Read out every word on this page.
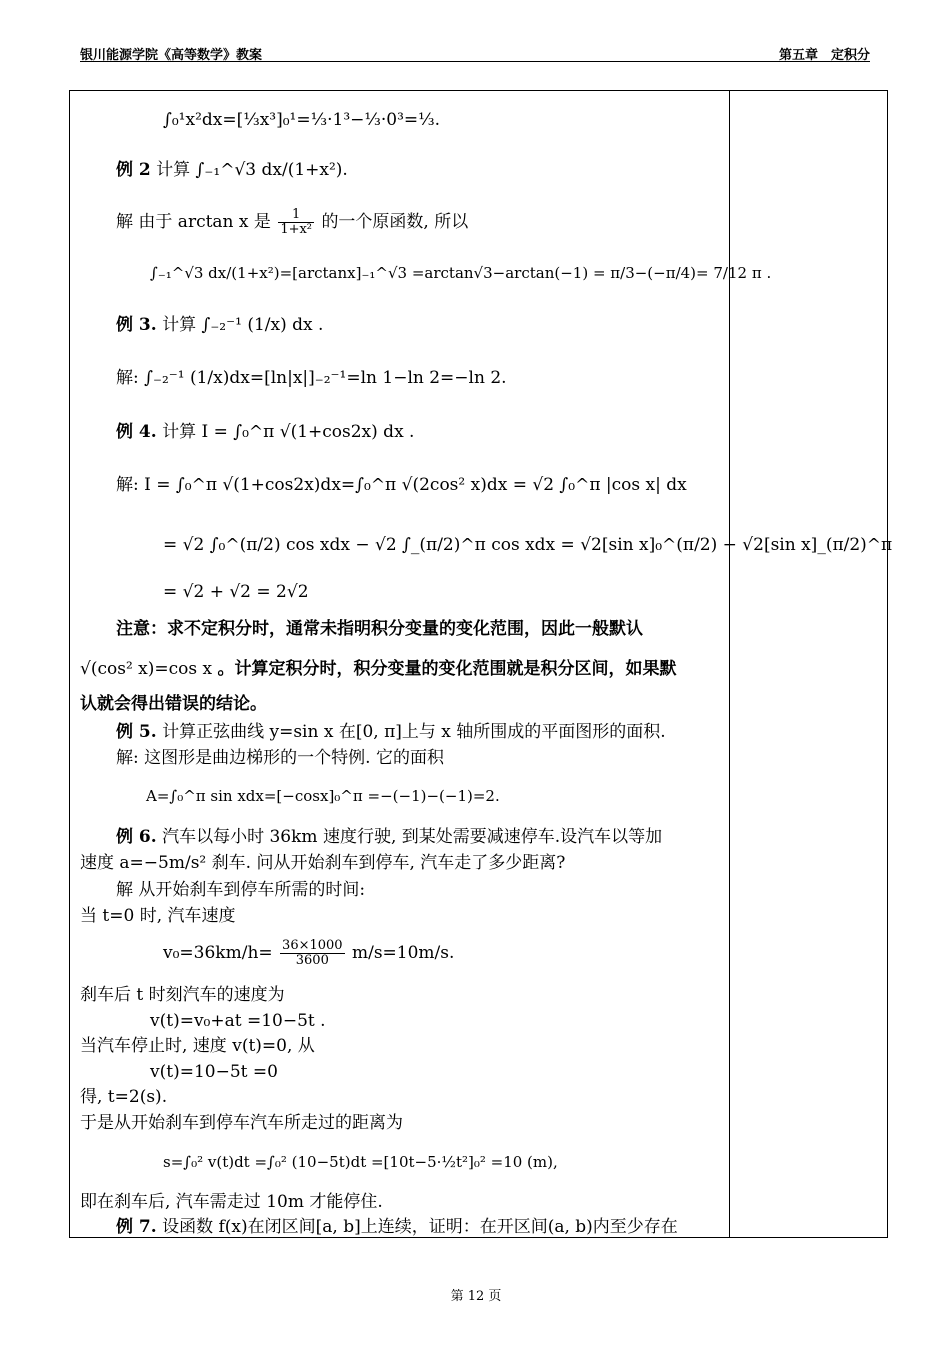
银川能源学院《高等数学》教案	第五章　定积分
∫₀¹x²dx=[⅓x³]₀¹=⅓·1³−⅓·0³=⅓.
例 2 计算 ∫₋₁^√3 dx/(1+x²).
解 由于 arctan x 是 $\frac{1}{\text{1+x²}}$ 的一个原函数, 所以
∫₋₁^√3 dx/(1+x²)=[arctanx]₋₁^√3 =arctan√3−arctan(−1) = π/3−(−π/4)= 7/12 π .
例 3. 计算 ∫₋₂⁻¹ (1/x) dx .
解: ∫₋₂⁻¹ (1/x)dx=[ln|x|]₋₂⁻¹=ln 1−ln 2=−ln 2.
例 4. 计算 I = ∫₀^π √(1+cos2x) dx .
解: I = ∫₀^π √(1+cos2x)dx=∫₀^π √(2cos² x)dx = √2 ∫₀^π |cos x| dx
= √2 ∫₀^(π/2) cos xdx − √2 ∫_(π/2)^π cos xdx = √2[sin x]₀^(π/2) − √2[sin x]_(π/2)^π
= √2 + √2 = 2√2
注意：求不定积分时，通常未指明积分变量的变化范围，因此一般默认
√(cos² x)=cos x 。计算定积分时，积分变量的变化范围就是积分区间，如果默
认就会得出错误的结论。
例 5. 计算正弦曲线 y=sin x 在[0, π]上与 x 轴所围成的平面图形的面积.
解: 这图形是曲边梯形的一个特例. 它的面积
A=∫₀^π sin xdx=[−cosx]₀^π =−(−1)−(−1)=2.
例 6. 汽车以每小时 36km 速度行驶, 到某处需要减速停车.设汽车以等加
速度 a=−5m/s² 刹车. 问从开始刹车到停车, 汽车走了多少距离?
解 从开始刹车到停车所需的时间:
当 t=0 时, 汽车速度
$v_0=36km/h= \frac{36\times 1000}{3600} m/s=10m/s$.
刹车后 t 时刻汽车的速度为
v(t)=v₀+at =10−5t .
当汽车停止时, 速度 v(t)=0, 从
v(t)=10−5t =0
得, t=2(s).
于是从开始刹车到停车汽车所走过的距离为
s=∫₀² v(t)dt =∫₀² (10−5t)dt =[10t−5·½t²]₀² =10 (m),
即在刹车后, 汽车需走过 10m 才能停住.
例 7. 设函数 f(x)在闭区间[a, b]上连续，证明：在开区间(a, b)内至少存在
第 12 页
